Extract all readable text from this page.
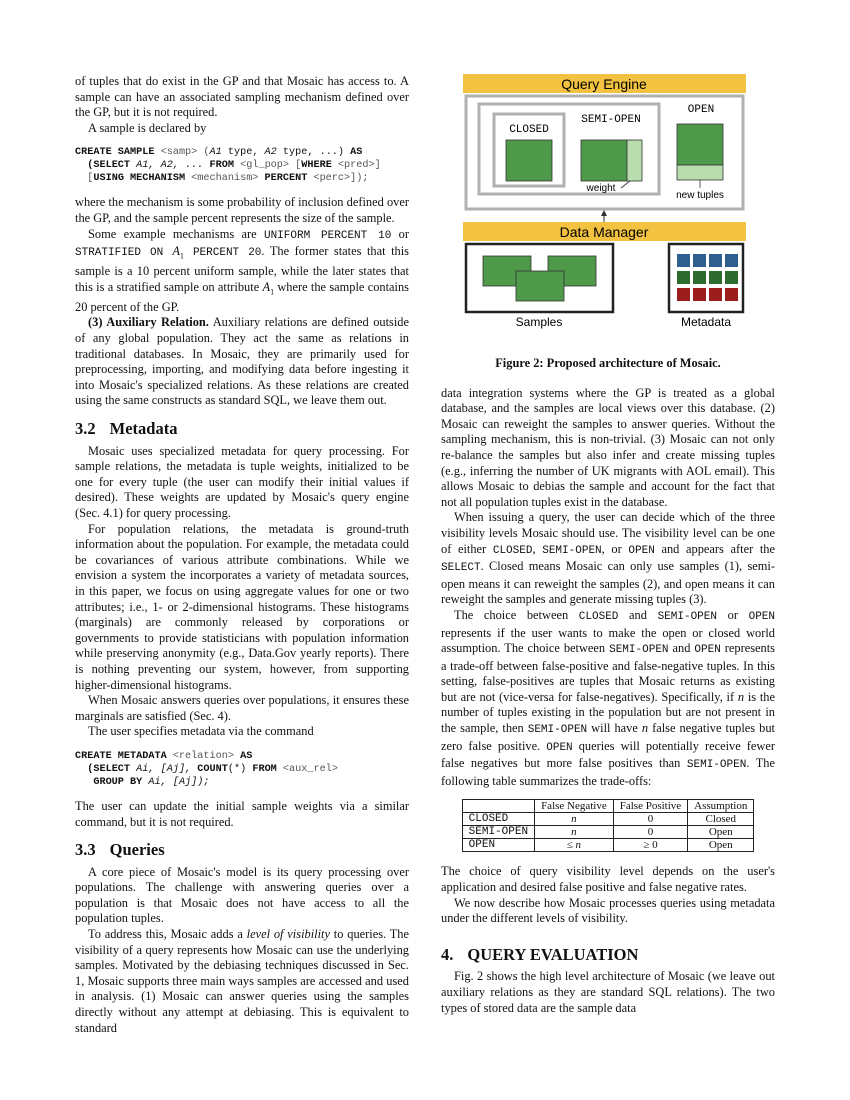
of tuples that do exist in the GP and that Mosaic has access to. A sample can have an associated sampling mechanism defined over the GP, but it is not required.

A sample is declared by

CREATE SAMPLE <samp> (A1 type, A2 type, ...) AS
(SELECT A1, A2, ... FROM <gl_pop> [WHERE <pred>]
[USING MECHANISM <mechanism> PERCENT <perc>]);

where the mechanism is some probability of inclusion defined over the GP, and the sample percent represents the size of the sample.

Some example mechanisms are UNIFORM PERCENT 10 or STRATIFIED ON $A_1$ PERCENT 20. The former states that this sample is a 10 percent uniform sample, while the later states that this is a stratified sample on attribute $A_1$ where the sample contains 20 percent of the GP.

(3) Auxiliary Relation. Auxiliary relations are defined outside of any global population. They act the same as relations in traditional databases. In Mosaic, they are primarily used for preprocessing, importing, and modifying data before ingesting it into Mosaic's specialized relations. As these relations are created using the same constructs as standard SQL, we leave them out.

3.2 Metadata

Mosaic uses specialized metadata for query processing. For sample relations, the metadata is tuple weights, initialized to be one for every tuple (the user can modify their initial values if desired). These weights are updated by Mosaic's query engine (Sec. 4.1) for query processing.

For population relations, the metadata is ground-truth information about the population. For example, the metadata could be covariances of various attribute combinations. While we envision a system the incorporates a variety of metadata sources, in this paper, we focus on using aggregate values for one or two attributes; i.e., 1- or 2-dimensional histograms. These histograms (marginals) are commonly released by corporations or governments to provide statisticians with population information while preserving anonymity (e.g., Data.Gov yearly reports). There is nothing preventing our system, however, from supporting higher-dimensional histograms.

When Mosaic answers queries over populations, it ensures these marginals are satisfied (Sec. 4).

The user specifies metadata via the command

CREATE METADATA <relation> AS
(SELECT Ai, [Aj], COUNT(*) FROM <aux_rel>
GROUP BY Ai, [Aj]);

The user can update the initial sample weights via a similar command, but it is not required.

3.3 Queries

A core piece of Mosaic's model is its query processing over populations. The challenge with answering queries over a population is that Mosaic does not have access to all the population tuples.

To address this, Mosaic adds a level of visibility to queries. The visibility of a query represents how Mosaic can use the underlying samples. Motivated by the debiasing techniques discussed in Sec. 1, Mosaic supports three main ways samples are accessed and used in analysis. (1) Mosaic can answer queries using the samples directly without any attempt at debiasing. This is equivalent to standard

Query Engine
CLOSED
SEMI-OPEN
weight
OPEN
new tuples
Data Manager
Samples	Metadata
Figure 2: Proposed architecture of Mosaic.

data integration systems where the GP is treated as a global database, and the samples are local views over this database. (2) Mosaic can reweight the samples to answer queries. Without the sampling mechanism, this is non-trivial. (3) Mosaic can not only re-balance the samples but also infer and create missing tuples (e.g., inferring the number of UK migrants with AOL email). This allows Mosaic to debias the sample and account for the fact that not all population tuples exist in the database.

When issuing a query, the user can decide which of the three visibility levels Mosaic should use. The visibility level can be one of either CLOSED, SEMI-OPEN, or OPEN and appears after the SELECT. Closed means Mosaic can only use samples (1), semi-open means it can reweight the samples (2), and open means it can reweight the samples and generate missing tuples (3).

The choice between CLOSED and SEMI-OPEN or OPEN represents if the user wants to make the open or closed world assumption. The choice between SEMI-OPEN and OPEN represents a trade-off between false-positive and false-negative tuples. In this setting, false-positives are tuples that Mosaic returns as existing but are not (vice-versa for false-negatives). Specifically, if n is the number of tuples existing in the population but are not present in the sample, then SEMI-OPEN will have n false negative tuples but zero false positive. OPEN queries will potentially receive fewer false negatives but more false positives than SEMI-OPEN. The following table summarizes the trade-offs:

	False Negative	False Positive	Assumption
CLOSED	n	0	Closed
SEMI-OPEN	n	0	Open
OPEN	≤ n	≥ 0	Open

The choice of query visibility level depends on the user's application and desired false positive and false negative rates.

We now describe how Mosaic processes queries using metadata under the different levels of visibility.

4. QUERY EVALUATION

Fig. 2 shows the high level architecture of Mosaic (we leave out auxiliary relations as they are standard SQL relations). The two types of stored data are the sample data
